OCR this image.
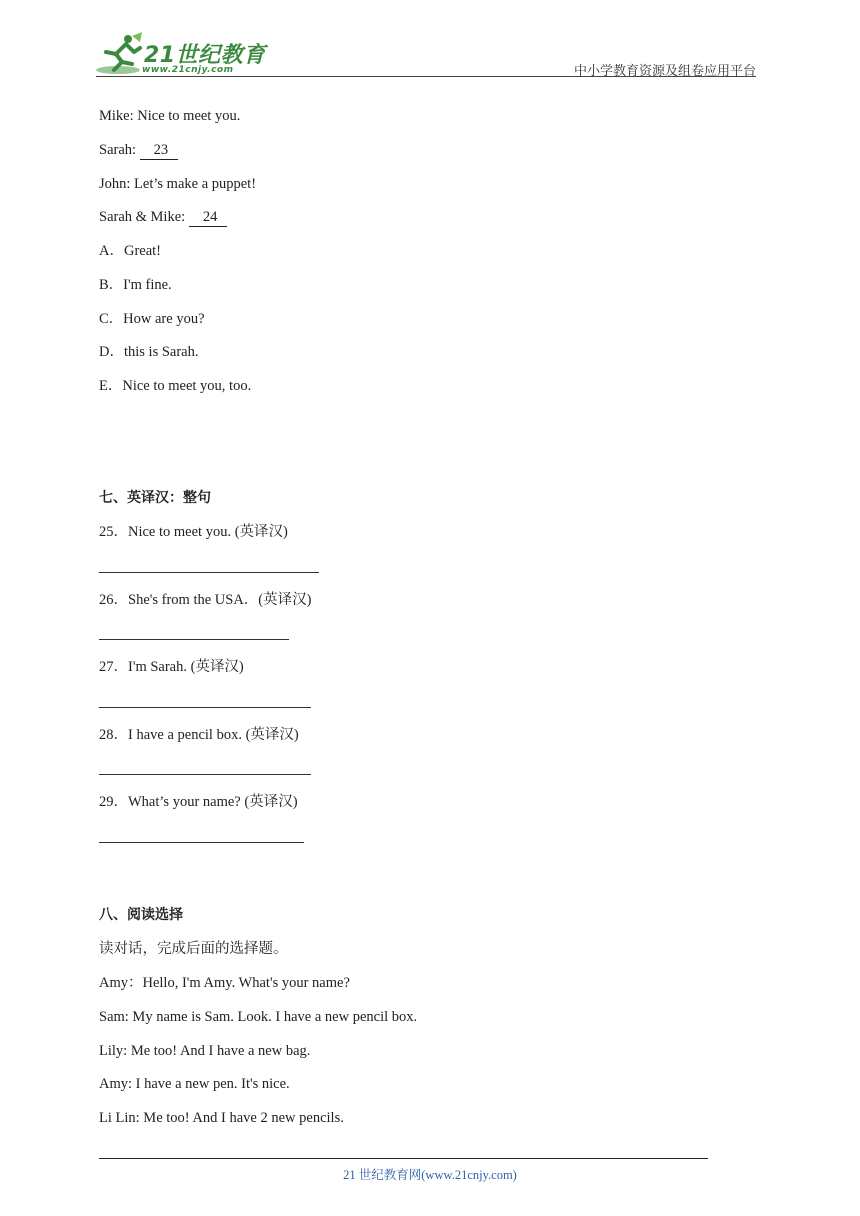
21世纪教育
www.21cnjy.com	中小学教育资源及组卷应用平台
Mike: Nice to meet you.
Sarah: 23
John: Let’s make a puppet!
Sarah & Mike: 24
A．Great!
B．I'm fine.
C．How are you?
D．this is Sarah.
E．Nice to meet you, too.
七、英译汉：整句
25．Nice to meet you. (英译汉)
26．She's from the USA．(英译汉)
27．I'm Sarah. (英译汉)
28．I have a pencil box. (英译汉)
29．What’s your name? (英译汉)
八、阅读选择
读对话，完成后面的选择题。
Amy：Hello, I'm Amy. What's your name?
Sam: My name is Sam. Look. I have a new pencil box.
Lily: Me too! And I have a new bag.
Amy: I have a new pen. It's nice.
Li Lin: Me too! And I have 2 new pencils.
21 世纪教育网(www.21cnjy.com)
